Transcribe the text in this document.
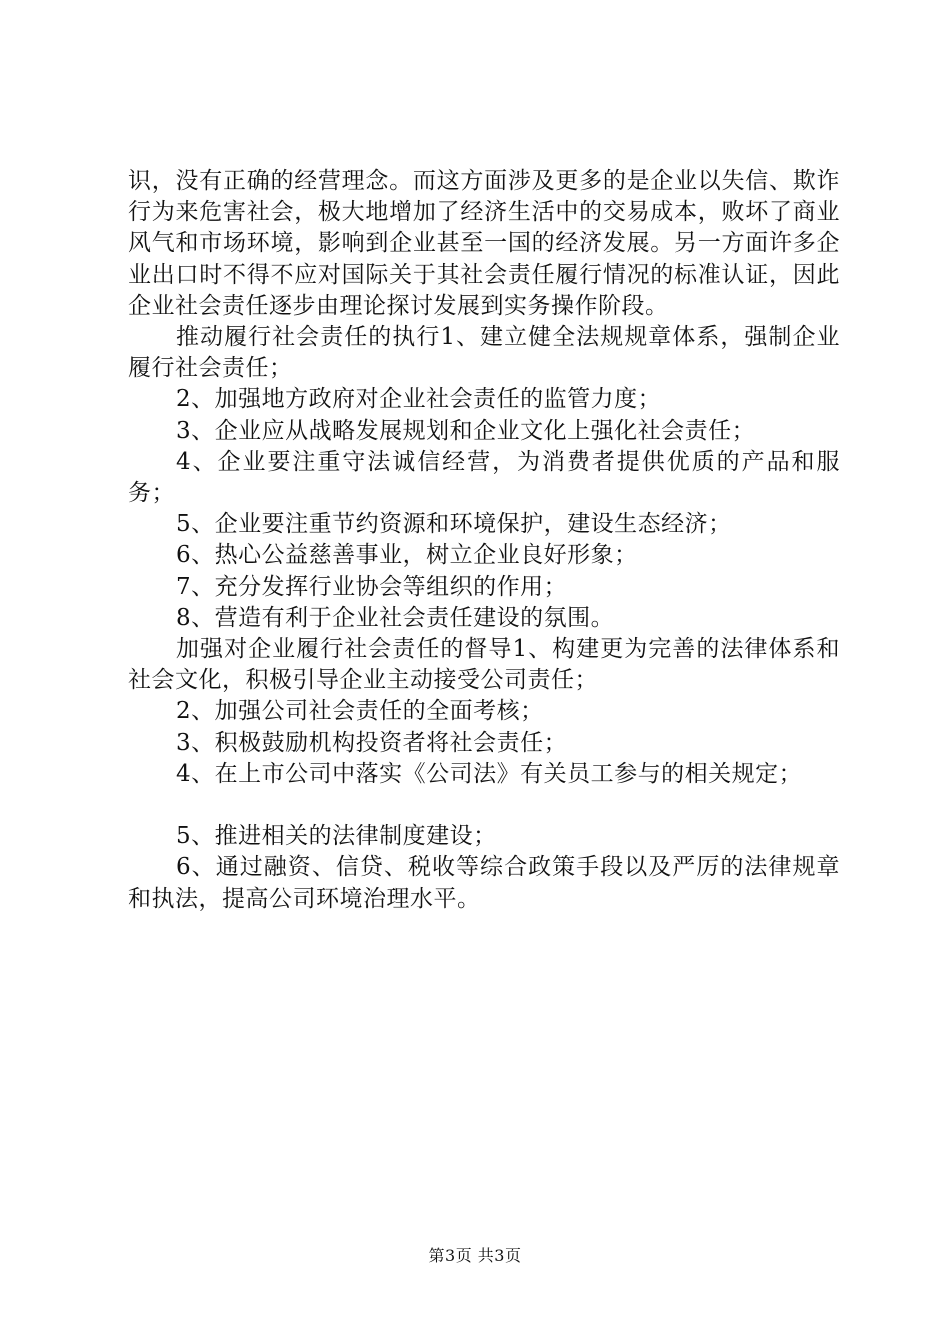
识，没有正确的经营理念。而这方面涉及更多的是企业以失信、欺诈行为来危害社会，极大地增加了经济生活中的交易成本，败坏了商业风气和市场环境，影响到企业甚至一国的经济发展。另一方面许多企业出口时不得不应对国际关于其社会责任履行情况的标准认证，因此企业社会责任逐步由理论探讨发展到实务操作阶段。

推动履行社会责任的执行1、建立健全法规规章体系，强制企业履行社会责任；

2、加强地方政府对企业社会责任的监管力度；

3、企业应从战略发展规划和企业文化上强化社会责任；

4、企业要注重守法诚信经营，为消费者提供优质的产品和服务；

5、企业要注重节约资源和环境保护，建设生态经济；

6、热心公益慈善事业，树立企业良好形象；

7、充分发挥行业协会等组织的作用；

8、营造有利于企业社会责任建设的氛围。

加强对企业履行社会责任的督导1、构建更为完善的法律体系和社会文化，积极引导企业主动接受公司责任；

2、加强公司社会责任的全面考核；

3、积极鼓励机构投资者将社会责任；

4、在上市公司中落实《公司法》有关员工参与的相关规定；

5、推进相关的法律制度建设；

6、通过融资、信贷、税收等综合政策手段以及严厉的法律规章和执法，提高公司环境治理水平。

第3页 共3页
